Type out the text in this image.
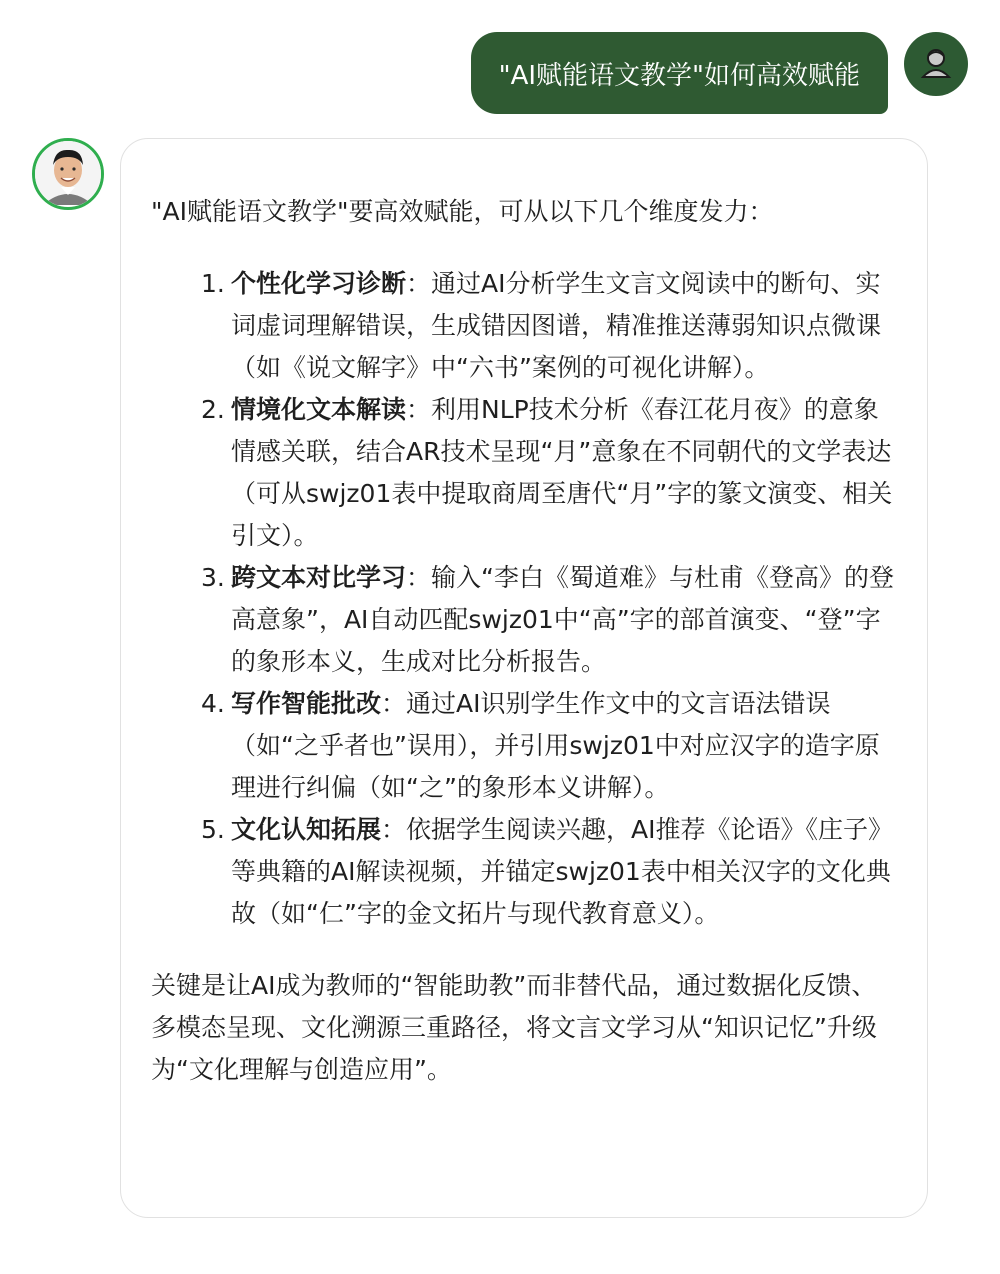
"AI赋能语文教学"如何高效赋能

"AI赋能语文教学"要高效赋能，可从以下几个维度发力：

1. 个性化学习诊断：通过AI分析学生文言文阅读中的断句、实词虚词理解错误，生成错因图谱，精准推送薄弱知识点微课（如《说文解字》中“六书”案例的可视化讲解）。
2. 情境化文本解读：利用NLP技术分析《春江花月夜》的意象情感关联，结合AR技术呈现“月”意象在不同朝代的文学表达（可从swjz01表中提取商周至唐代“月”字的篆文演变、相关引文）。
3. 跨文本对比学习：输入“李白《蜀道难》与杜甫《登高》的登高意象”，AI自动匹配swjz01中“高”字的部首演变、“登”字的象形本义，生成对比分析报告。
4. 写作智能批改：通过AI识别学生作文中的文言语法错误（如“之乎者也”误用），并引用swjz01中对应汉字的造字原理进行纠偏（如“之”的象形本义讲解）。
5. 文化认知拓展：依据学生阅读兴趣，AI推荐《论语》《庄子》等典籍的AI解读视频，并锚定swjz01表中相关汉字的文化典故（如“仁”字的金文拓片与现代教育意义）。

关键是让AI成为教师的“智能助教”而非替代品，通过数据化反馈、多模态呈现、文化溯源三重路径，将文言文学习从“知识记忆”升级为“文化理解与创造应用”。
